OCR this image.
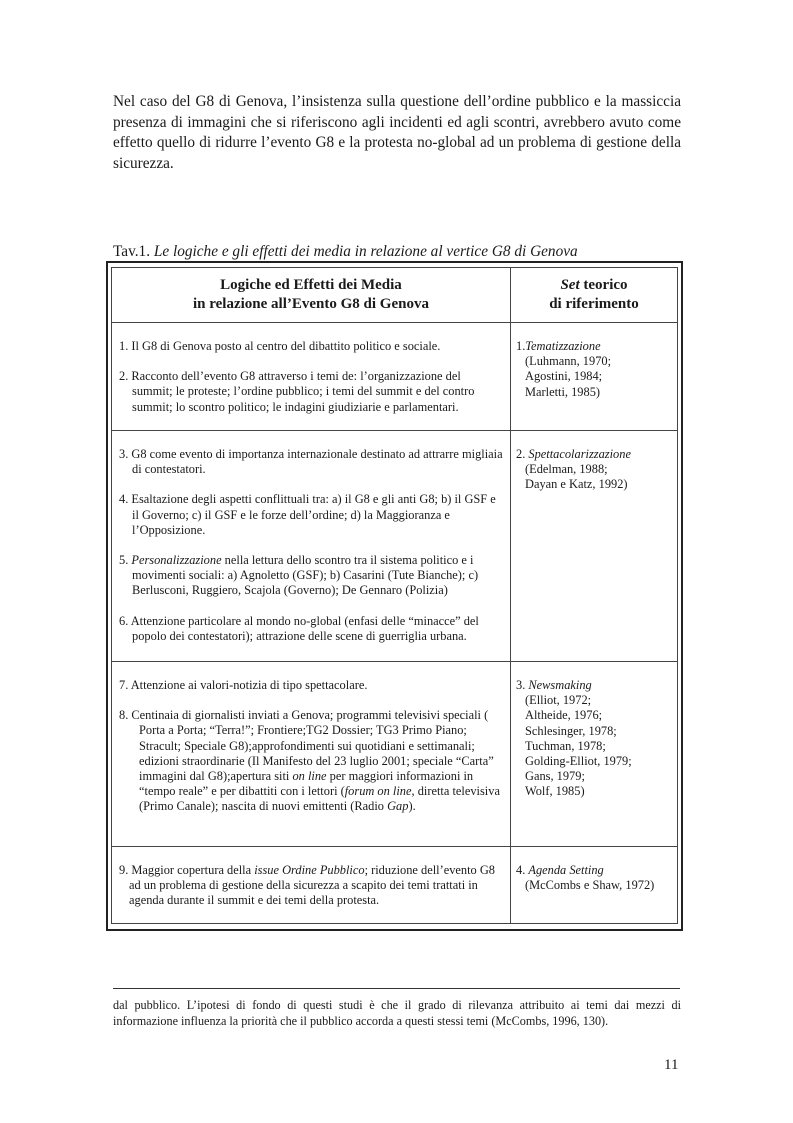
Nel caso del G8 di Genova, l’insistenza sulla questione dell’ordine pubblico e la massiccia presenza di immagini che si riferiscono agli incidenti ed agli scontri, avrebbero avuto come effetto quello di ridurre l’evento G8 e la protesta no-global ad un problema di gestione della sicurezza.

Tav.1. Le logiche e gli effetti dei media in relazione al vertice G8 di Genova
Logiche ed Effetti dei Media
in relazione all’Evento G8 di Genova
Set teorico
di riferimento

1. Il G8 di Genova posto al centro del dibattito politico e sociale.

2. Racconto dell’evento G8 attraverso i temi de: l’organizzazione del summit; le proteste; l’ordine pubblico; i temi del summit e del contro summit; lo scontro politico; le indagini giudiziarie e parlamentari.

1.Tematizzazione
(Luhmann, 1970;
Agostini, 1984;
Marletti, 1985)

3. G8 come evento di importanza internazionale destinato ad attrarre migliaia di contestatori.

4. Esaltazione degli aspetti conflittuali tra: a) il G8 e gli anti G8; b) il GSF e il Governo; c) il GSF e le forze dell’ordine; d) la Maggioranza e l’Opposizione.

5. Personalizzazione nella lettura dello scontro tra il sistema politico e i movimenti sociali: a) Agnoletto (GSF); b) Casarini (Tute Bianche); c) Berlusconi, Ruggiero, Scajola (Governo); De Gennaro (Polizia)

6. Attenzione particolare al mondo no-global (enfasi delle “minacce” del popolo dei contestatori); attrazione delle scene di guerriglia urbana.

2. Spettacolarizzazione
(Edelman, 1988;
Dayan e Katz, 1992)

7. Attenzione ai valori-notizia di tipo spettacolare.

8. Centinaia di giornalisti inviati a Genova; programmi televisivi speciali ( Porta a Porta; “Terra!”; Frontiere;TG2 Dossier; TG3 Primo Piano; Stracult; Speciale G8);approfondimenti sui quotidiani e settimanali; edizioni straordinarie (Il Manifesto del 23 luglio 2001; speciale “Carta” immagini dal G8);apertura siti on line per maggiori informazioni in “tempo reale” e per dibattiti con i lettori (forum on line, diretta televisiva (Primo Canale); nascita di nuovi emittenti (Radio Gap).

3. Newsmaking
(Elliot, 1972;
Altheide, 1976;
Schlesinger, 1978;
Tuchman, 1978;
Golding-Elliot, 1979;
Gans, 1979;
Wolf, 1985)

9. Maggior copertura della issue Ordine Pubblico; riduzione dell’evento G8 ad un problema di gestione della sicurezza a scapito dei temi trattati in agenda durante il summit e dei temi della protesta.

4. Agenda Setting
(McCombs e Shaw, 1972)

dal pubblico. L’ipotesi di fondo di questi studi è che il grado di rilevanza attribuito ai temi dai mezzi di informazione influenza la priorità che il pubblico accorda a questi stessi temi (McCombs, 1996, 130).

11
